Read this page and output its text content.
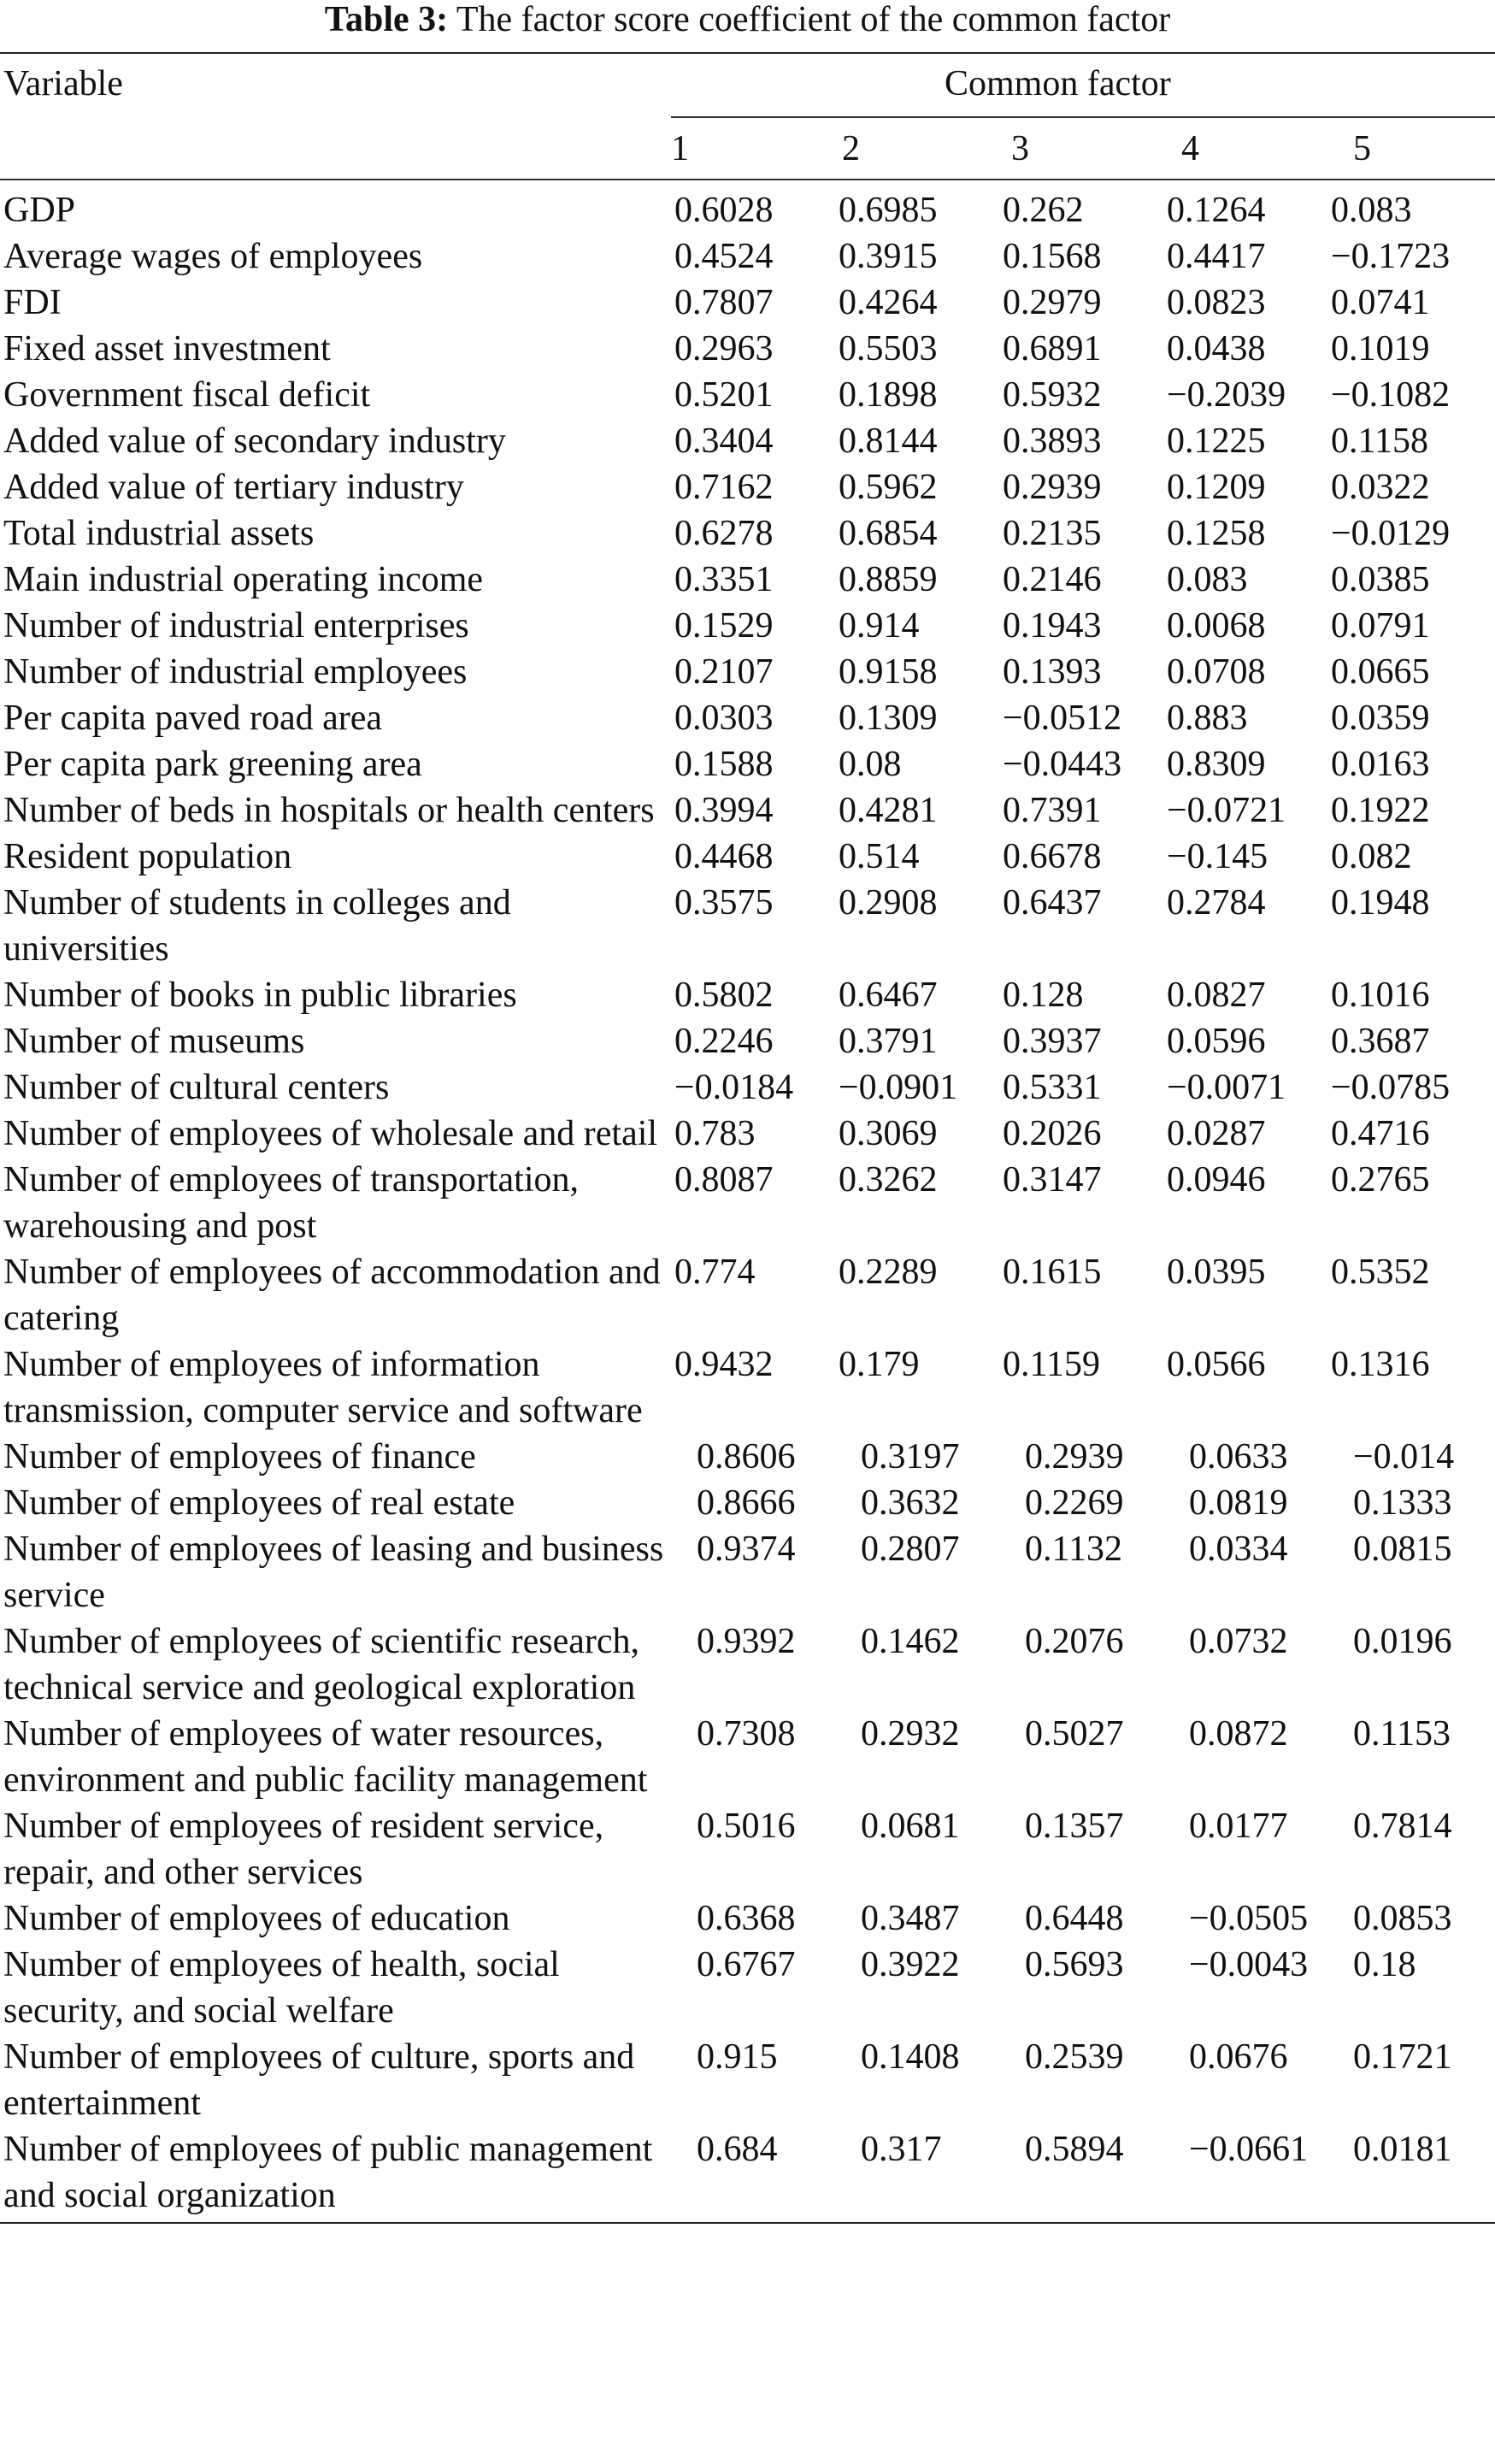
Table 3: The factor score coefficient of the common factor
Variable	Common factor
1	2	3	4	5
GDP	0.6028	0.6985	0.262	0.1264	0.083
Average wages of employees	0.4524	0.3915	0.1568	0.4417	−0.1723
FDI	0.7807	0.4264	0.2979	0.0823	0.0741
Fixed asset investment	0.2963	0.5503	0.6891	0.0438	0.1019
Government fiscal deficit	0.5201	0.1898	0.5932	−0.2039	−0.1082
Added value of secondary industry	0.3404	0.8144	0.3893	0.1225	0.1158
Added value of tertiary industry	0.7162	0.5962	0.2939	0.1209	0.0322
Total industrial assets	0.6278	0.6854	0.2135	0.1258	−0.0129
Main industrial operating income	0.3351	0.8859	0.2146	0.083	0.0385
Number of industrial enterprises	0.1529	0.914	0.1943	0.0068	0.0791
Number of industrial employees	0.2107	0.9158	0.1393	0.0708	0.0665
Per capita paved road area	0.0303	0.1309	−0.0512	0.883	0.0359
Per capita park greening area	0.1588	0.08	−0.0443	0.8309	0.0163
Number of beds in hospitals or health centers	0.3994	0.4281	0.7391	−0.0721	0.1922
Resident population	0.4468	0.514	0.6678	−0.145	0.082
Number of students in colleges and universities	0.3575	0.2908	0.6437	0.2784	0.1948
Number of books in public libraries	0.5802	0.6467	0.128	0.0827	0.1016
Number of museums	0.2246	0.3791	0.3937	0.0596	0.3687
Number of cultural centers	−0.0184	−0.0901	0.5331	−0.0071	−0.0785
Number of employees of wholesale and retail	0.783	0.3069	0.2026	0.0287	0.4716
Number of employees of transportation, warehousing and post	0.8087	0.3262	0.3147	0.0946	0.2765
Number of employees of accommodation and catering	0.774	0.2289	0.1615	0.0395	0.5352
Number of employees of information transmission, computer service and software	0.9432	0.179	0.1159	0.0566	0.1316
Number of employees of finance	0.8606	0.3197	0.2939	0.0633	−0.014
Number of employees of real estate	0.8666	0.3632	0.2269	0.0819	0.1333
Number of employees of leasing and business service	0.9374	0.2807	0.1132	0.0334	0.0815
Number of employees of scientific research, technical service and geological exploration	0.9392	0.1462	0.2076	0.0732	0.0196
Number of employees of water resources, environment and public facility management	0.7308	0.2932	0.5027	0.0872	0.1153
Number of employees of resident service, repair, and other services	0.5016	0.0681	0.1357	0.0177	0.7814
Number of employees of education	0.6368	0.3487	0.6448	−0.0505	0.0853
Number of employees of health, social security, and social welfare	0.6767	0.3922	0.5693	−0.0043	0.18
Number of employees of culture, sports and entertainment	0.915	0.1408	0.2539	0.0676	0.1721
Number of employees of public management and social organization	0.684	0.317	0.5894	−0.0661	0.0181
